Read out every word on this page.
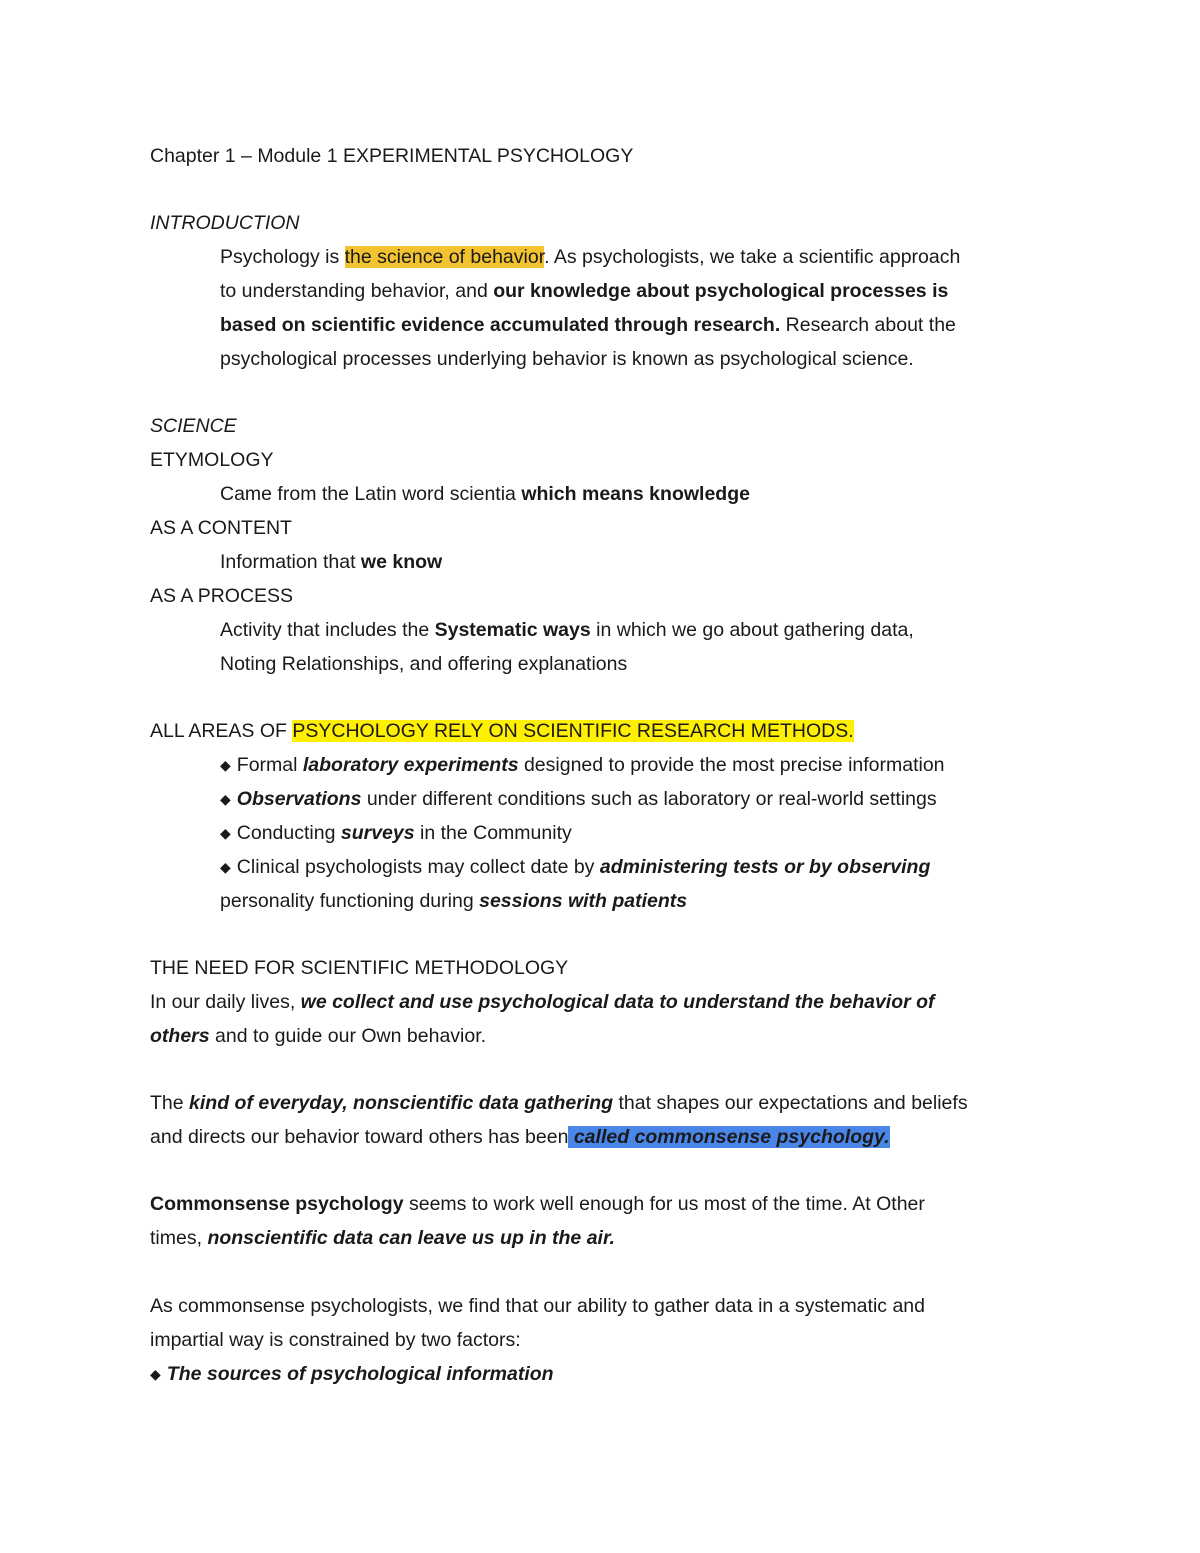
Chapter 1 – Module 1 EXPERIMENTAL PSYCHOLOGY
INTRODUCTION
Psychology is the science of behavior. As psychologists, we take a scientific approach
to understanding behavior, and our knowledge about psychological processes is
based on scientific evidence accumulated through research. Research about the
psychological processes underlying behavior is known as psychological science.
SCIENCE
ETYMOLOGY
Came from the Latin word scientia which means knowledge
AS A CONTENT
Information that we know
AS A PROCESS
Activity that includes the Systematic ways in which we go about gathering data,
Noting Relationships, and offering explanations
ALL AREAS OF PSYCHOLOGY RELY ON SCIENTIFIC RESEARCH METHODS.
◆ Formal laboratory experiments designed to provide the most precise information
◆ Observations under different conditions such as laboratory or real-world settings
◆ Conducting surveys in the Community
◆ Clinical psychologists may collect date by administering tests or by observing
personality functioning during sessions with patients
THE NEED FOR SCIENTIFIC METHODOLOGY
In our daily lives, we collect and use psychological data to understand the behavior of
others and to guide our Own behavior.
The kind of everyday, nonscientific data gathering that shapes our expectations and beliefs
and directs our behavior toward others has been called commonsense psychology.
Commonsense psychology seems to work well enough for us most of the time. At Other
times, nonscientific data can leave us up in the air.
As commonsense psychologists, we find that our ability to gather data in a systematic and
impartial way is constrained by two factors:
◆ The sources of psychological information
